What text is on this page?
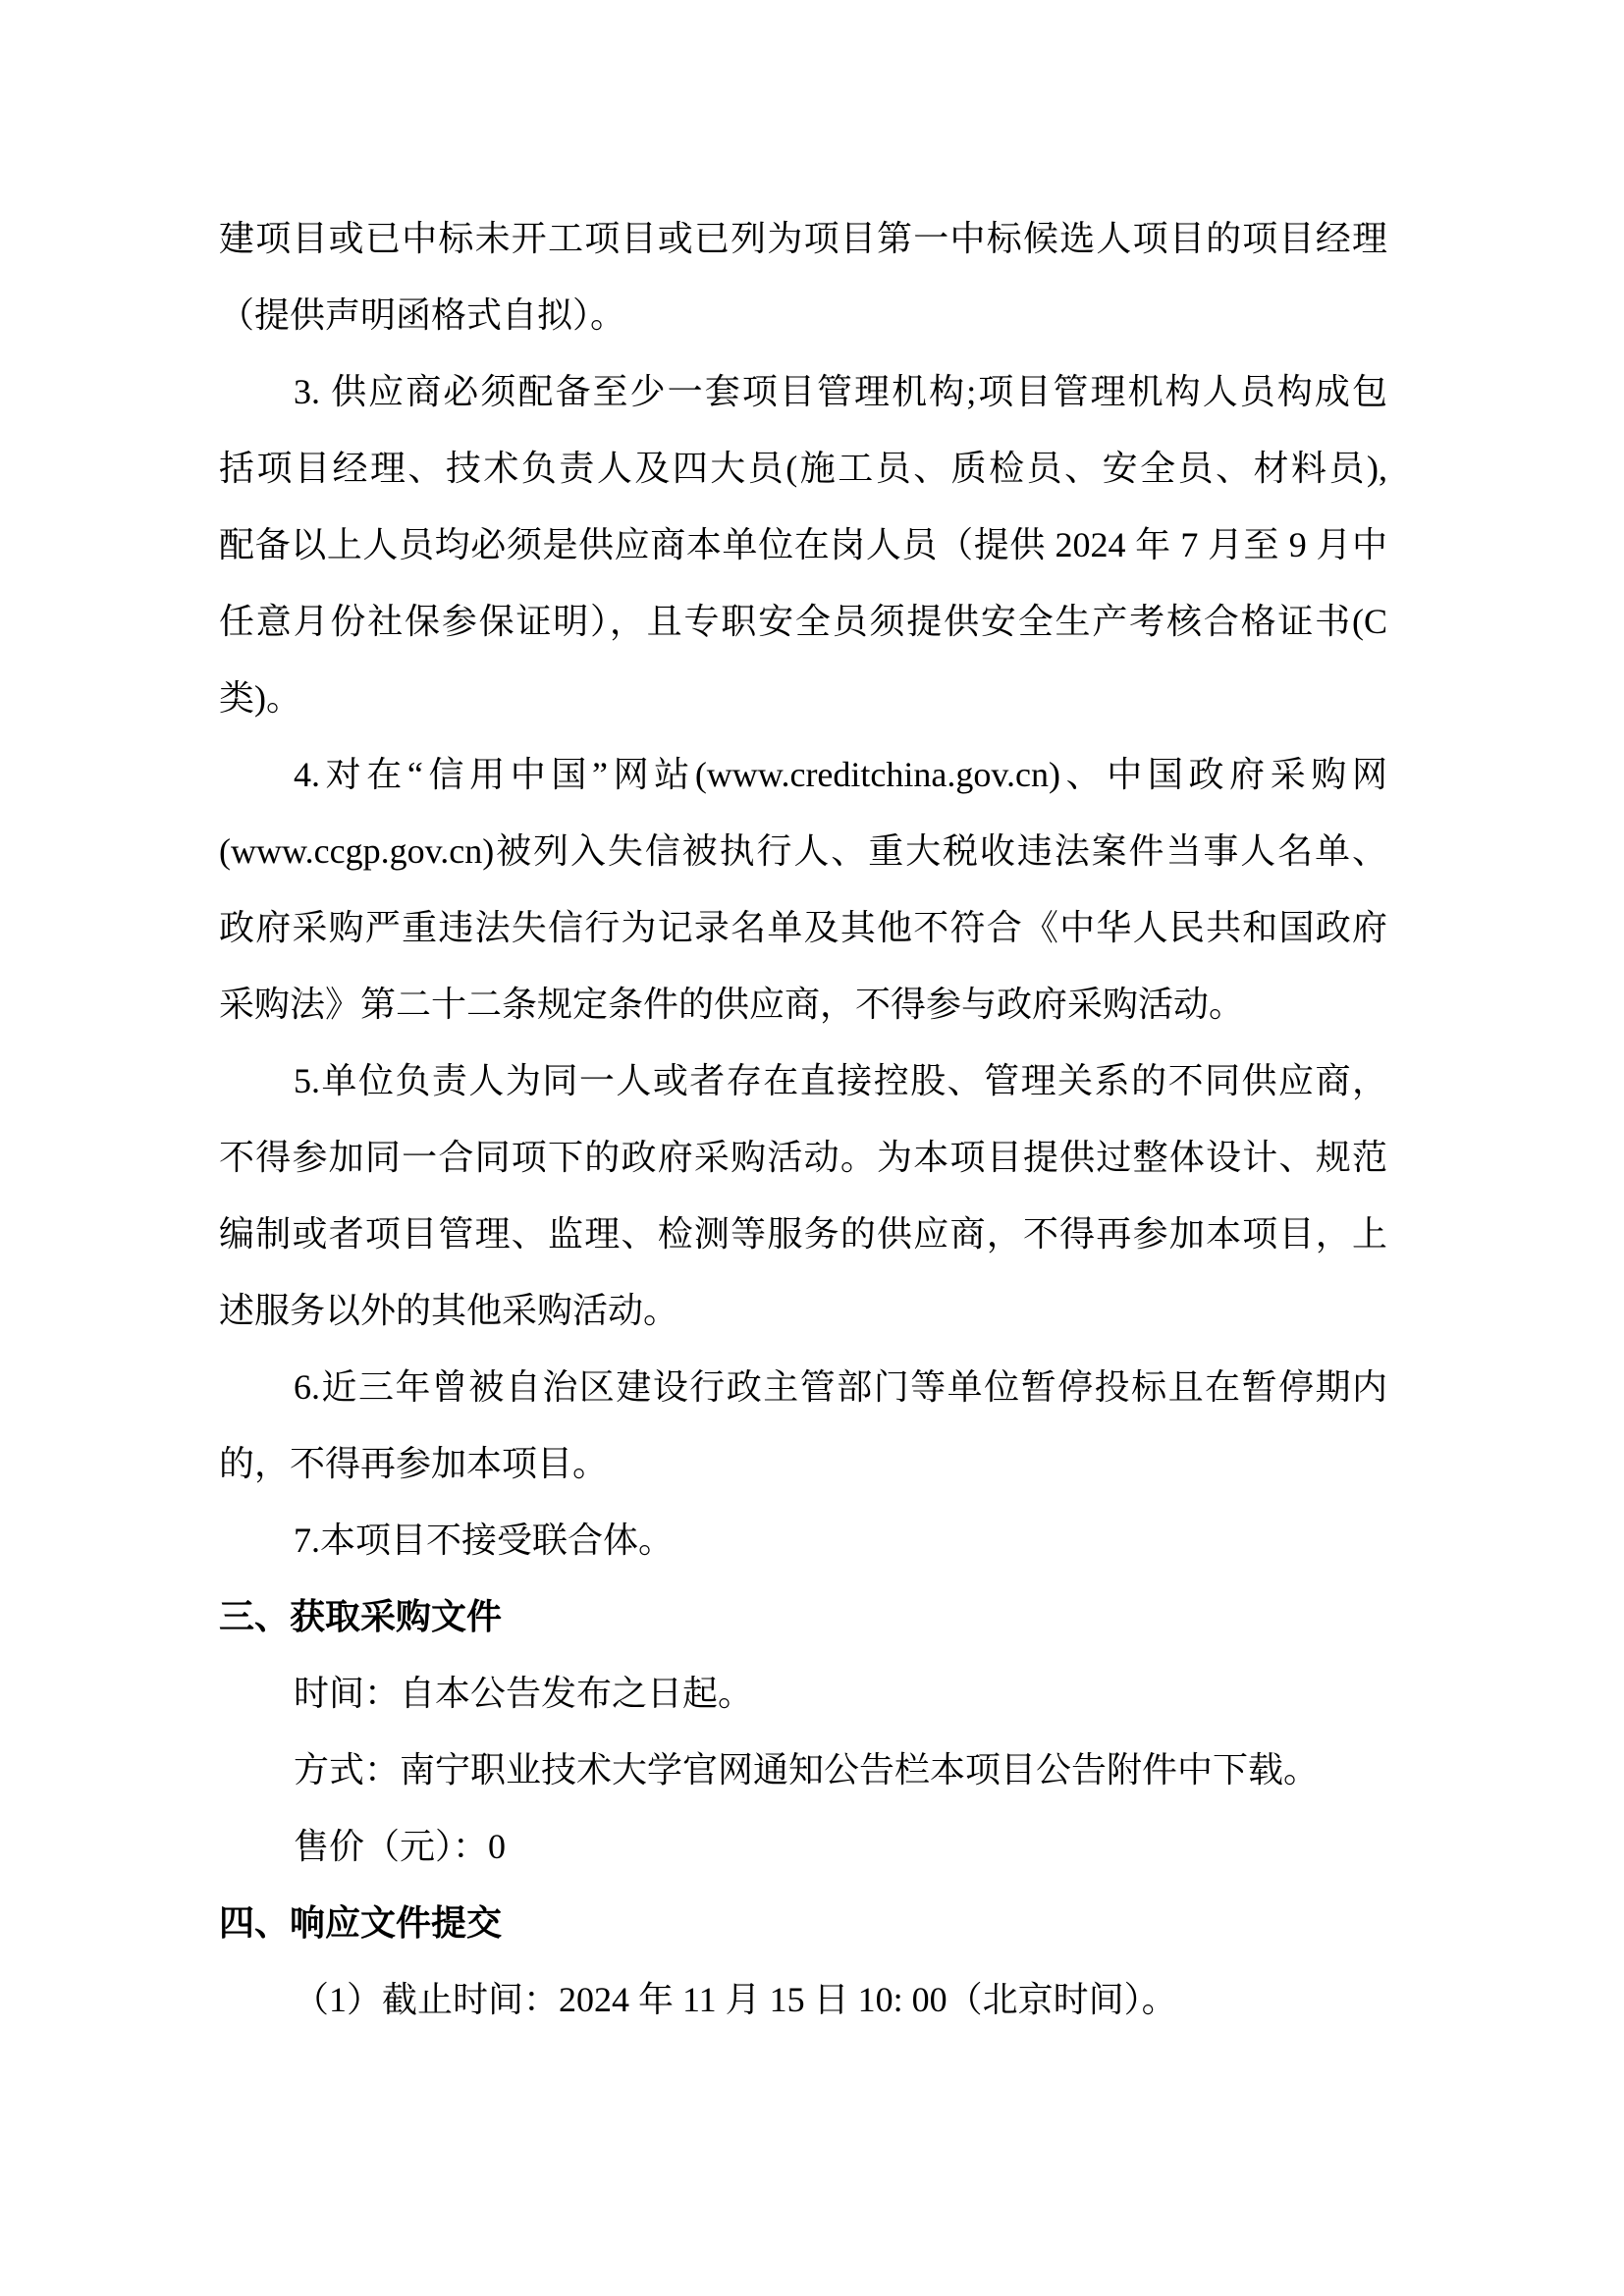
建项目或已中标未开工项目或已列为项目第一中标候选人项目的项目经理
（提供声明函格式自拟）。
3. 供应商必须配备至少一套项目管理机构;项目管理机构人员构成包
括项目经理、技术负责人及四大员(施工员、质检员、安全员、材料员),
配备以上人员均必须是供应商本单位在岗人员（提供 2024 年 7 月至 9 月中
任意月份社保参保证明），且专职安全员须提供安全生产考核合格证书(C
类)。
4.对在“信用中国”网站(www.creditchina.gov.cn)、中国政府采购网
(www.ccgp.gov.cn)被列入失信被执行人、重大税收违法案件当事人名单、
政府采购严重违法失信行为记录名单及其他不符合《中华人民共和国政府
采购法》第二十二条规定条件的供应商，不得参与政府采购活动。
5.单位负责人为同一人或者存在直接控股、管理关系的不同供应商，
不得参加同一合同项下的政府采购活动。为本项目提供过整体设计、规范
编制或者项目管理、监理、检测等服务的供应商，不得再参加本项目，上
述服务以外的其他采购活动。
6.近三年曾被自治区建设行政主管部门等单位暂停投标且在暂停期内
的，不得再参加本项目。
7.本项目不接受联合体。
三、获取采购文件
时间：自本公告发布之日起。
方式：南宁职业技术大学官网通知公告栏本项目公告附件中下载。
售价（元）：0
四、响应文件提交
（1）截止时间：2024 年 11 月 15 日 10: 00（北京时间）。
